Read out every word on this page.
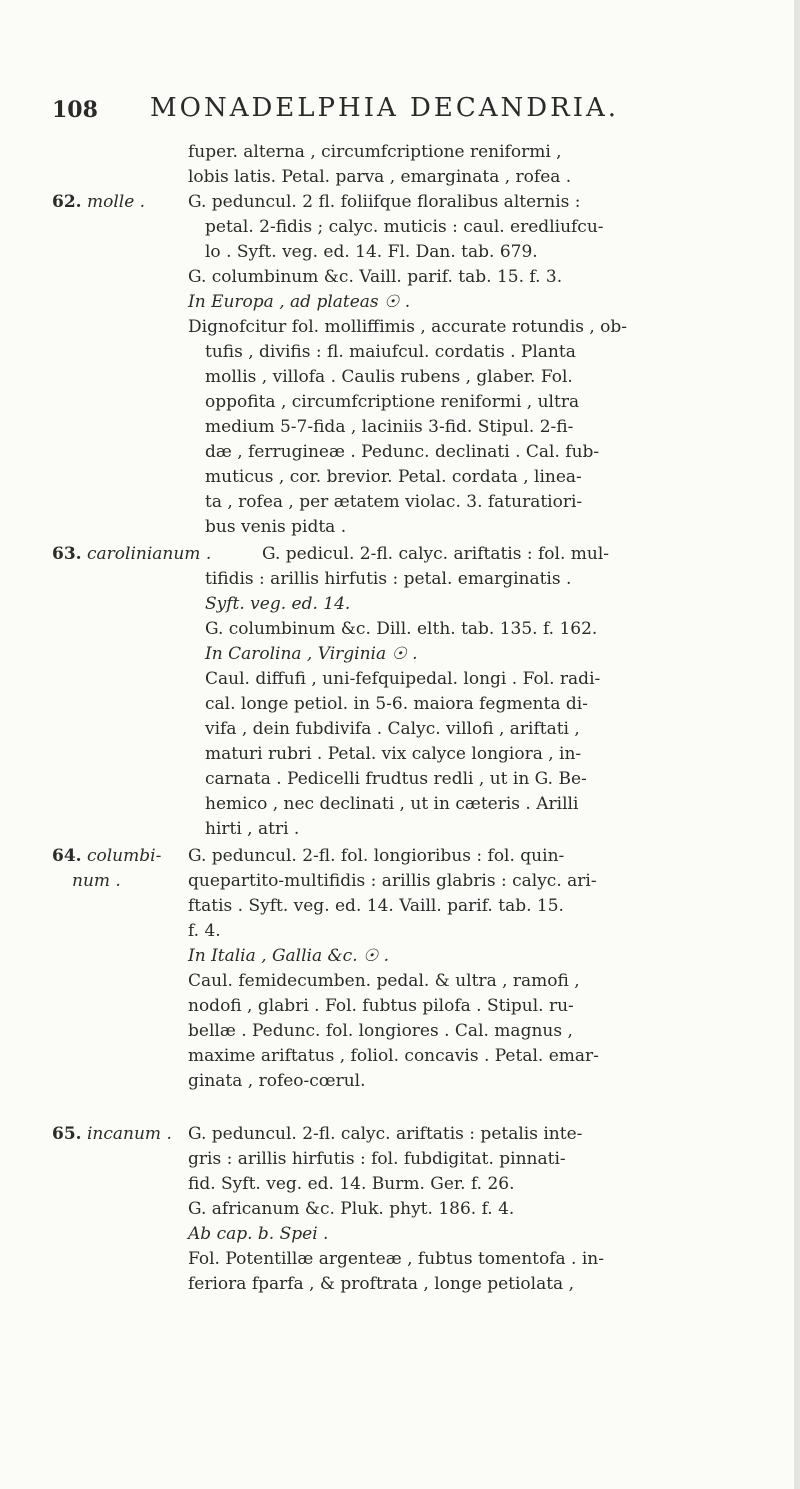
108 MONADELPHIA DECANDRIA.
fuper. alterna , circumfcriptione reniformi ,
lobis latis. Petal. parva , emarginata , rofea .
62. molle .	G. peduncul. 2 fl. foliifque floralibus alternis :
petal. 2-fidis ; calyc. muticis : caul. eredliufcu-
lo . Syft. veg. ed. 14. Fl. Dan. tab. 679.
G. columbinum &c. Vaill. parif. tab. 15. f. 3.
In Europa , ad plateas ☉ .
Dignofcitur fol. molliffimis , accurate rotundis , ob-
tufis , divifis : fl. maiufcul. cordatis . Planta
mollis , villofa . Caulis rubens , glaber. Fol.
oppofita , circumfcriptione reniformi , ultra
medium 5-7-fida , laciniis 3-fid. Stipul. 2-fi-
dæ , ferrugineæ . Pedunc. declinati . Cal. fub-
muticus , cor. brevior. Petal. cordata , linea-
ta , rofea , per ætatem violac. 3. faturatiori-
bus venis pidta .
63. carolinianum .	G. pedicul. 2-fl. calyc. ariftatis : fol. mul-
tifidis : arillis hirfutis : petal. emarginatis .
Syft. veg. ed. 14.
G. columbinum &c. Dill. elth. tab. 135. f. 162.
In Carolina , Virginia ☉ .
Caul. diffufi , uni-fefquipedal. longi . Fol. radi-
cal. longe petiol. in 5-6. maiora fegmenta di-
vifa , dein fubdivifa . Calyc. villofi , ariftati ,
maturi rubri . Petal. vix calyce longiora , in-
carnata . Pedicelli frudtus redli , ut in G. Be-
hemico , nec declinati , ut in cæteris . Arilli
hirti , atri .
64. columbi-
num .
G. peduncul. 2-fl. fol. longioribus : fol. quin-
quepartito-multifidis : arillis glabris : calyc. ari-
ftatis . Syft. veg. ed. 14. Vaill. parif. tab. 15.
f. 4.
In Italia , Gallia &c. ☉ .
Caul. femidecumben. pedal. & ultra , ramofi ,
nodofi , glabri . Fol. fubtus pilofa . Stipul. ru-
bellæ . Pedunc. fol. longiores . Cal. magnus ,
maxime ariftatus , foliol. concavis . Petal. emar-
ginata , rofeo-cœrul.
65. incanum . G. peduncul. 2-fl. calyc. ariftatis : petalis inte-
gris : arillis hirfutis : fol. fubdigitat. pinnati-
fid. Syft. veg. ed. 14. Burm. Ger. f. 26.
G. africanum &c. Pluk. phyt. 186. f. 4.
Ab cap. b. Spei .
Fol. Potentillæ argenteæ , fubtus tomentofa . in-
feriora fparfa , & proftrata , longe petiolata ,
